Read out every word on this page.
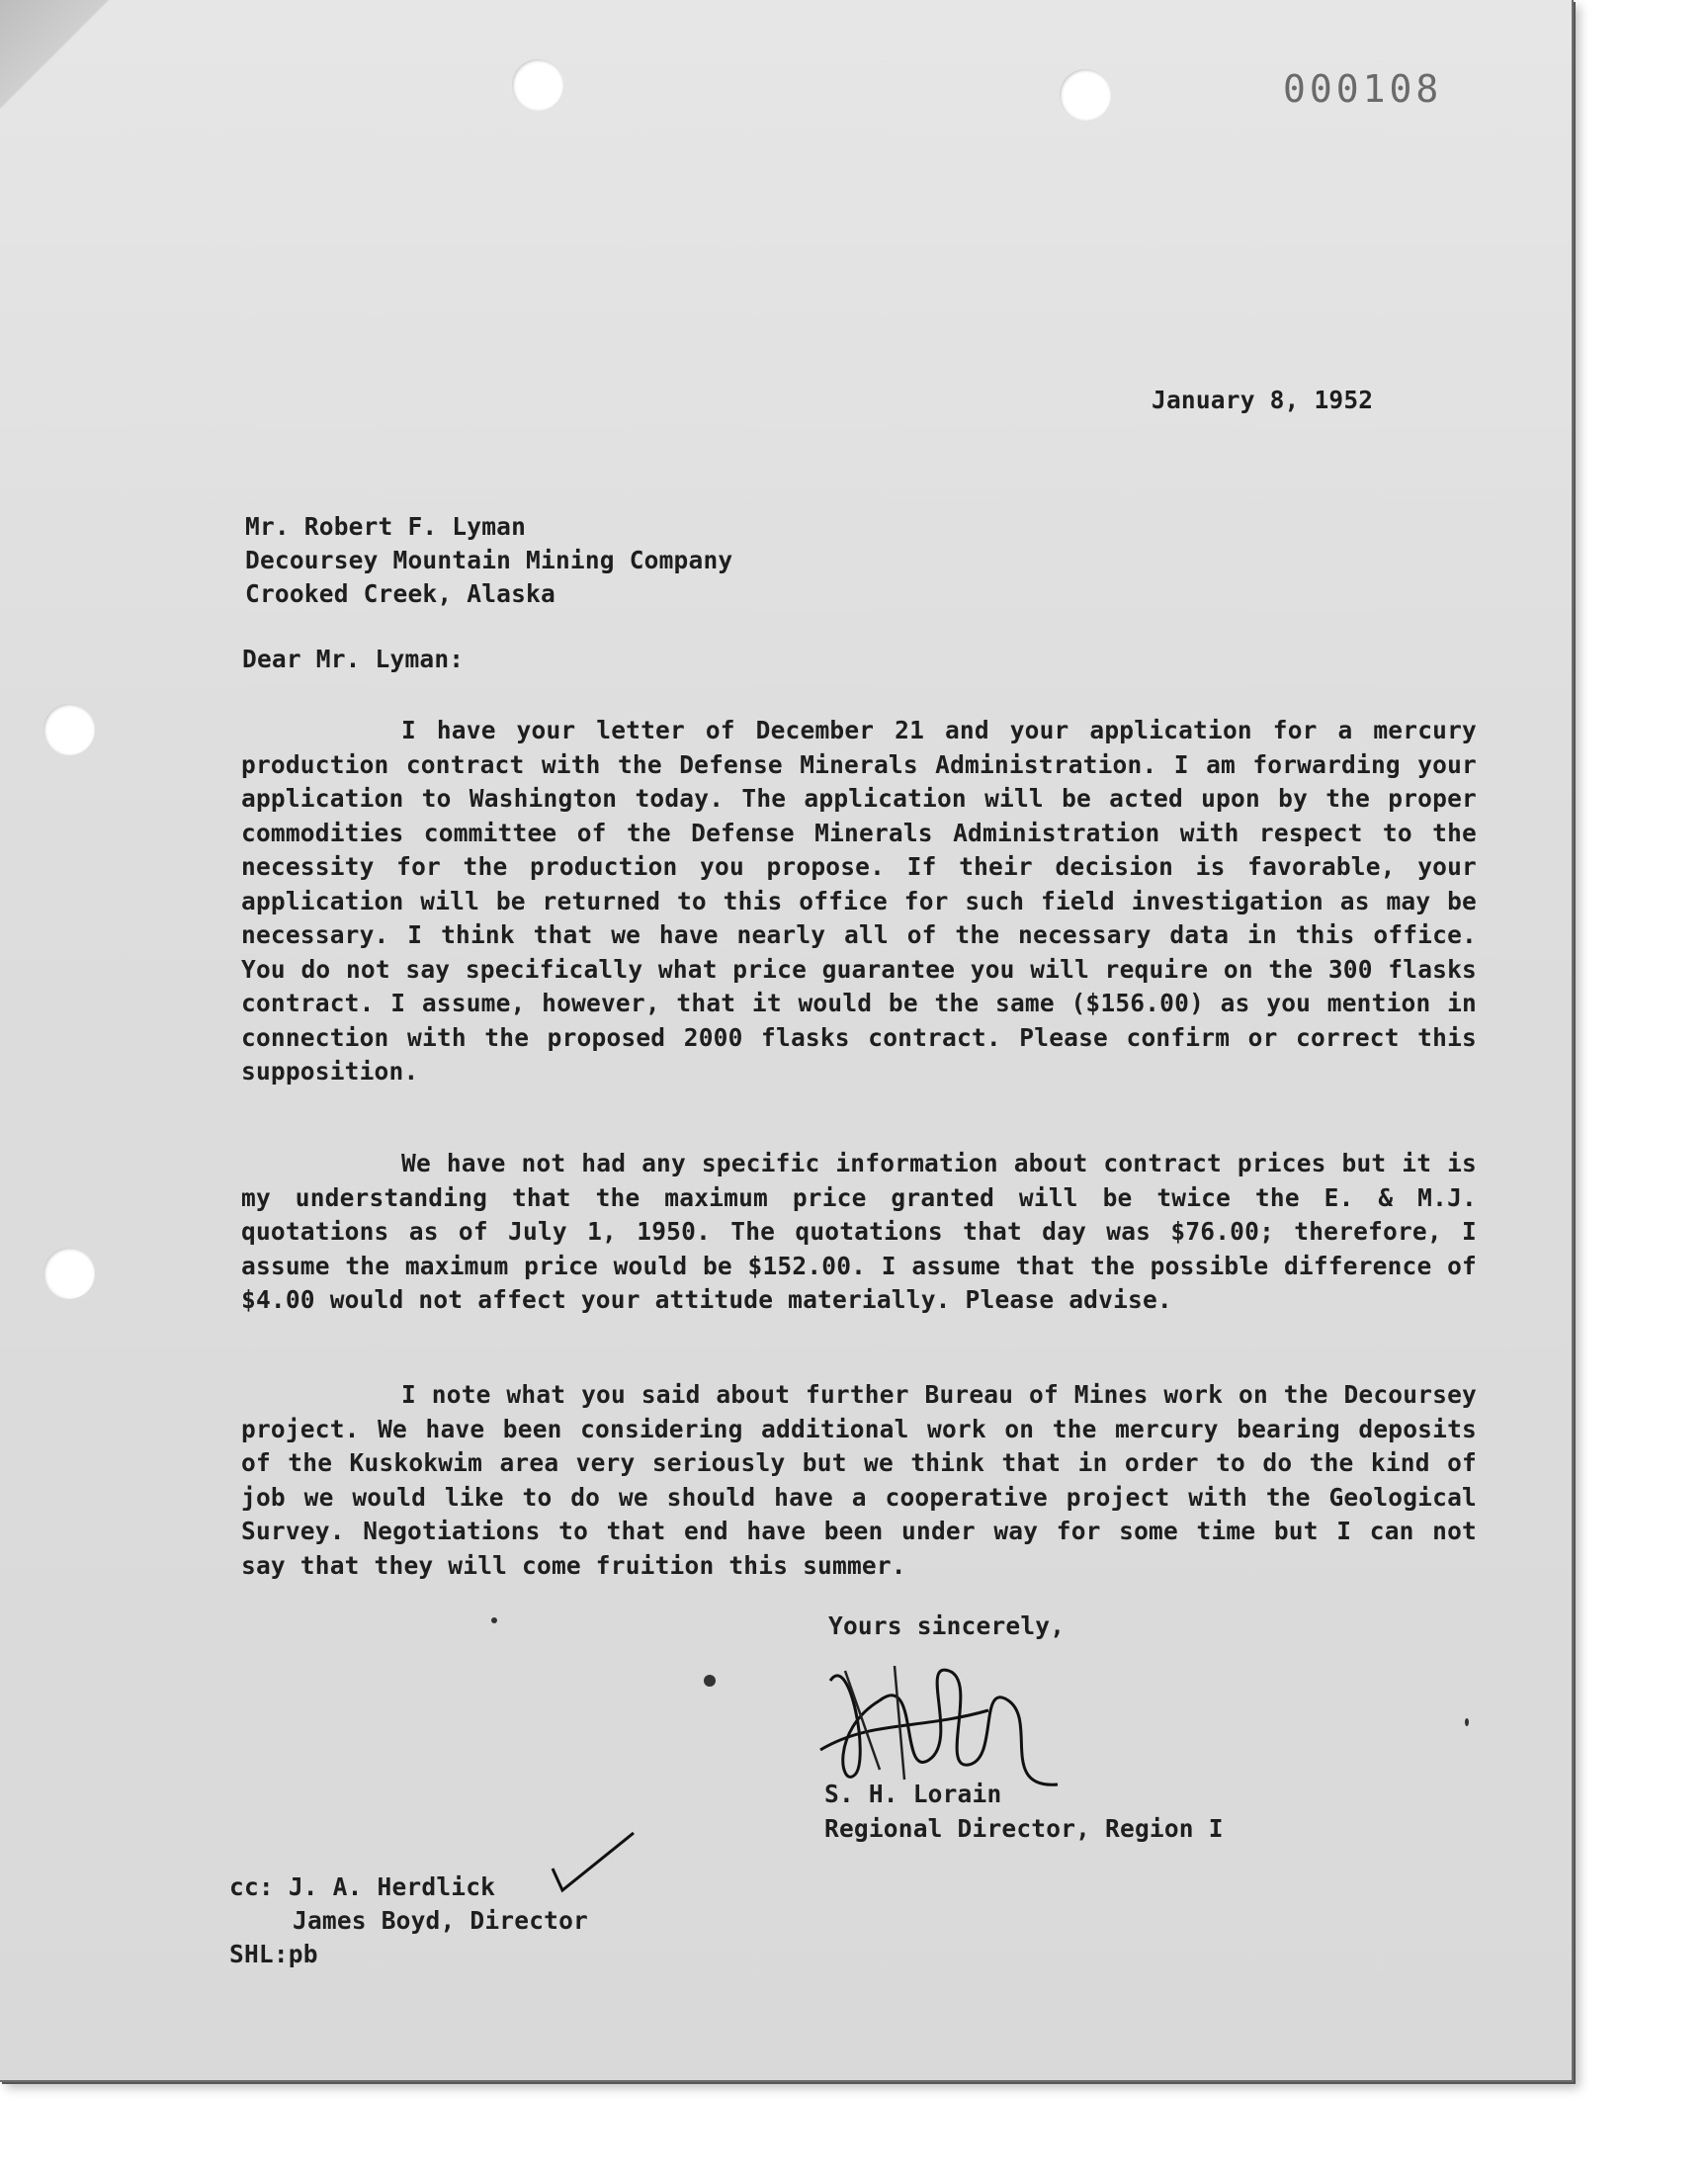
000108
January 8, 1952
Mr. Robert F. Lyman
Decoursey Mountain Mining Company
Crooked Creek, Alaska
Dear Mr. Lyman:
I have your letter of December 21 and your application for a mercury production contract with the Defense Minerals Administration. I am forwarding your application to Washington today. The application will be acted upon by the proper commodities committee of the Defense Minerals Administration with respect to the necessity for the production you propose. If their decision is favorable, your application will be returned to this office for such field investigation as may be necessary. I think that we have nearly all of the necessary data in this office. You do not say specifically what price guarantee you will require on the 300 flasks contract. I assume, however, that it would be the same ($156.00) as you mention in connection with the proposed 2000 flasks contract. Please confirm or correct this supposition.
We have not had any specific information about contract prices but it is my understanding that the maximum price granted will be twice the E. & M.J. quotations as of July 1, 1950. The quotations that day was $76.00; therefore, I assume the maximum price would be $152.00. I assume that the possible difference of $4.00 would not affect your attitude materially. Please advise.
I note what you said about further Bureau of Mines work on the Decoursey project. We have been considering additional work on the mercury bearing deposits of the Kuskokwim area very seriously but we think that in order to do the kind of job we would like to do we should have a cooperative project with the Geological Survey. Negotiations to that end have been under way for some time but I can not say that they will come fruition this summer.
Yours sincerely,
S. H. Lorain
Regional Director, Region I
cc: J. A. Herdlick
James Boyd, Director
SHL:pb
